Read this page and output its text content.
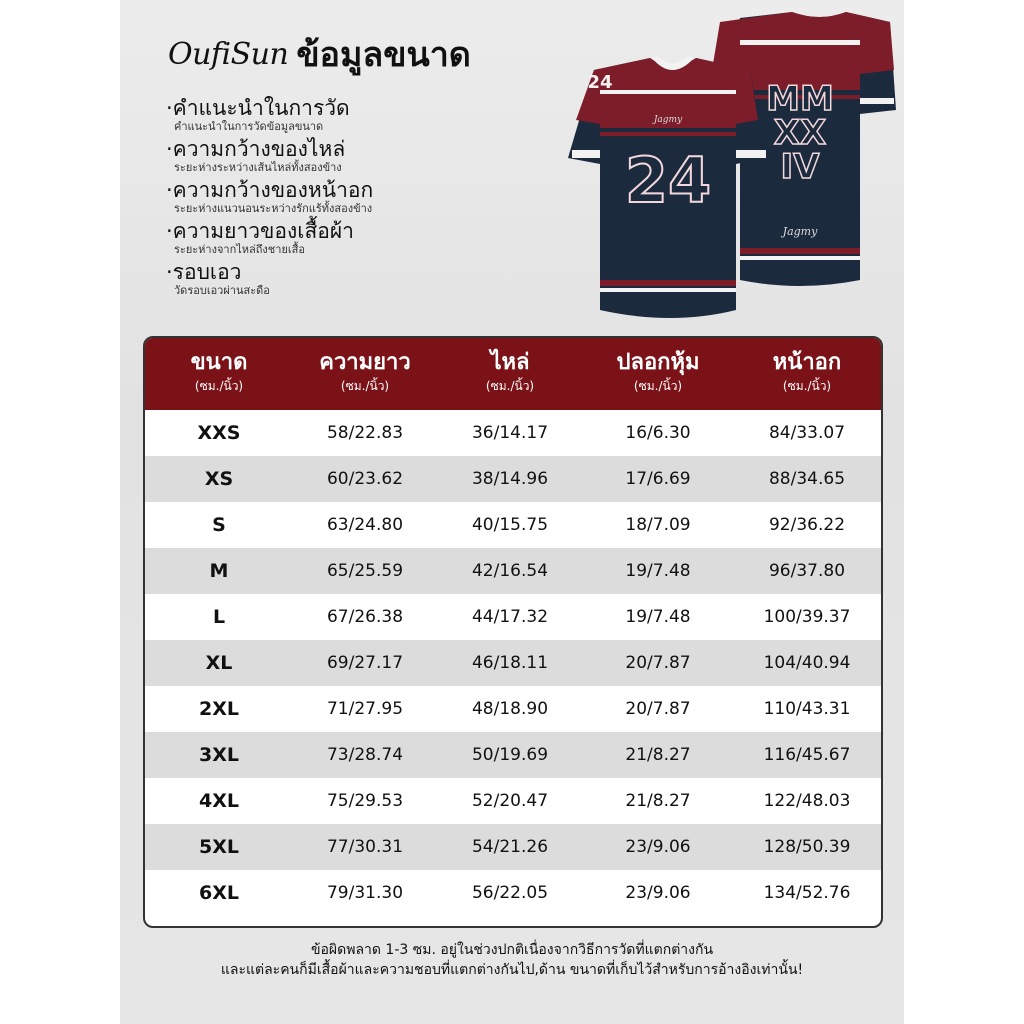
OufiSun ข้อมูลขนาด
·คำแนะนำในการวัด
คำแนะนำในการวัดข้อมูลขนาด
·ความกว้างของไหล่
ระยะห่างระหว่างเส้นไหล่ทั้งสองข้าง
·ความกว้างของหน้าอก
ระยะห่างแนวนอนระหว่างรักแร้ทั้งสองข้าง
·ความยาวของเสื้อผ้า
ระยะห่างจากไหล่ถึงชายเสื้อ
·รอบเอว
วัดรอบเอวผ่านสะดือ
MM
XX
IV
Jagmy
Jagmy
24
24
ขนาด
(ซม./นิ้ว)
ความยาว
(ซม./นิ้ว)
ไหล่
(ซม./นิ้ว)
ปลอกหุ้ม
(ซม./นิ้ว)
หน้าอก
(ซม./นิ้ว)
XXS	58/22.83	36/14.17	16/6.30	84/33.07
XS	60/23.62	38/14.96	17/6.69	88/34.65
S	63/24.80	40/15.75	18/7.09	92/36.22
M	65/25.59	42/16.54	19/7.48	96/37.80
L	67/26.38	44/17.32	19/7.48	100/39.37
XL	69/27.17	46/18.11	20/7.87	104/40.94
2XL	71/27.95	48/18.90	20/7.87	110/43.31
3XL	73/28.74	50/19.69	21/8.27	116/45.67
4XL	75/29.53	52/20.47	21/8.27	122/48.03
5XL	77/30.31	54/21.26	23/9.06	128/50.39
6XL	79/31.30	56/22.05	23/9.06	134/52.76
ข้อผิดพลาด 1-3 ซม. อยู่ในช่วงปกติเนื่องจากวิธีการวัดที่แตกต่างกัน
และแต่ละคนก็มีเสื้อผ้าและความชอบที่แตกต่างกันไป,ด้าน ขนาดที่เก็บไว้สำหรับการอ้างอิงเท่านั้น!
